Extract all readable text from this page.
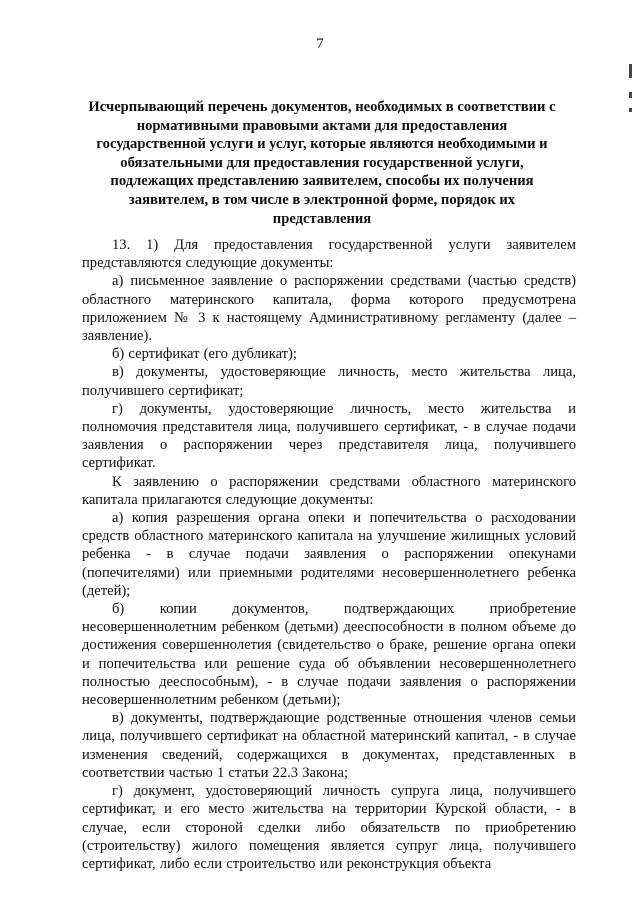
7
Исчерпывающий перечень документов, необходимых в соответствии с нормативными правовыми актами для предоставления государственной услуги и услуг, которые являются необходимыми и обязательными для предоставления государственной услуги, подлежащих представлению заявителем, способы их получения заявителем, в том числе в электронной форме, порядок их представления

13. 1) Для предоставления государственной услуги заявителем представляются следующие документы:

а) письменное заявление о распоряжении средствами (частью средств) областного материнского капитала, форма которого предусмотрена приложением № 3 к настоящему Административному регламенту (далее – заявление).

б) сертификат (его дубликат);

в) документы, удостоверяющие личность, место жительства лица, получившего сертификат;

г) документы, удостоверяющие личность, место жительства и полномочия представителя лица, получившего сертификат, - в случае подачи заявления о распоряжении через представителя лица, получившего сертификат.

К заявлению о распоряжении средствами областного материнского капитала прилагаются следующие документы:

а) копия разрешения органа опеки и попечительства о расходовании средств областного материнского капитала на улучшение жилищных условий ребенка - в случае подачи заявления о распоряжении опекунами (попечителями) или приемными родителями несовершеннолетнего ребенка (детей);

б) копии документов, подтверждающих приобретение несовершеннолетним ребенком (детьми) дееспособности в полном объеме до достижения совершеннолетия (свидетельство о браке, решение органа опеки и попечительства или решение суда об объявлении несовершеннолетнего полностью дееспособным), - в случае подачи заявления о распоряжении несовершеннолетним ребенком (детьми);

в) документы, подтверждающие родственные отношения членов семьи лица, получившего сертификат на областной материнский капитал, - в случае изменения сведений, содержащихся в документах, представленных в соответствии частью 1 статьи 22.3 Закона;

г) документ, удостоверяющий личность супруга лица, получившего сертификат, и его место жительства на территории Курской области, - в случае, если стороной сделки либо обязательств по приобретению (строительству) жилого помещения является супруг лица, получившего сертификат, либо если строительство или реконструкция объекта
